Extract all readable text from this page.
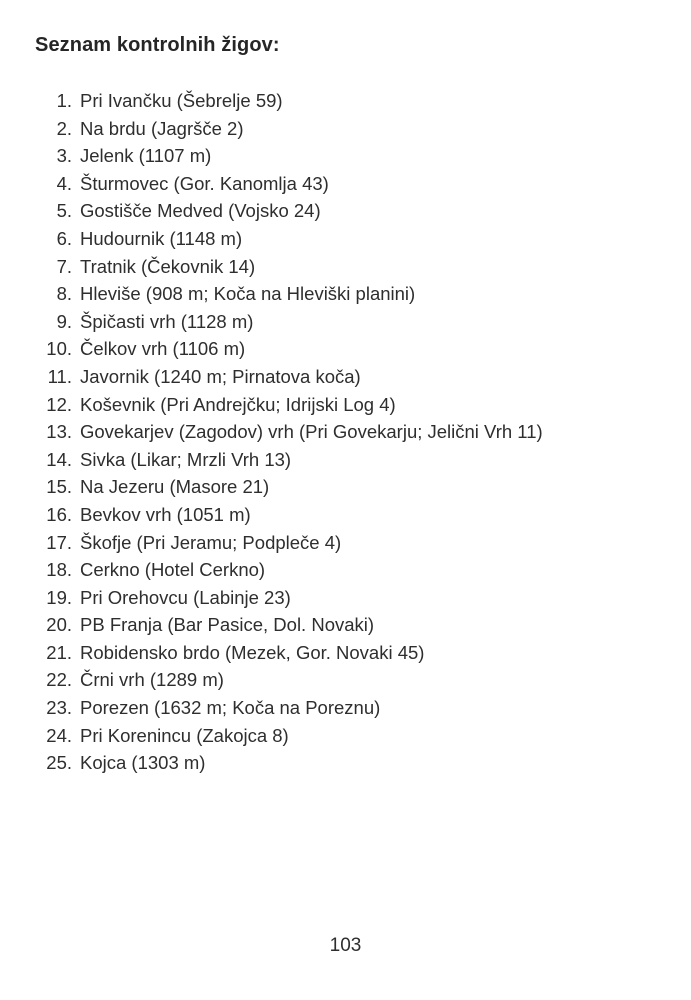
Seznam kontrolnih žigov:
1. Pri Ivančku (Šebrelje 59)
2. Na brdu (Jagršče 2)
3. Jelenk (1107 m)
4. Šturmovec (Gor. Kanomlja 43)
5. Gostišče Medved (Vojsko 24)
6. Hudournik (1148 m)
7. Tratnik (Čekovnik 14)
8. Hleviše (908 m; Koča na Hleviški planini)
9. Špičasti vrh (1128 m)
10. Čelkov vrh (1106 m)
11. Javornik (1240 m; Pirnatova koča)
12. Koševnik (Pri Andrejčku; Idrijski Log 4)
13. Govekarjev (Zagodov) vrh (Pri Govekarju; Jelični Vrh 11)
14. Sivka (Likar; Mrzli Vrh 13)
15. Na Jezeru (Masore 21)
16. Bevkov vrh (1051 m)
17. Škofje (Pri Jeramu; Podpleče 4)
18. Cerkno (Hotel Cerkno)
19. Pri Orehovcu (Labinje 23)
20. PB Franja (Bar Pasice, Dol. Novaki)
21. Robidensko brdo (Mezek, Gor. Novaki 45)
22. Črni vrh (1289 m)
23. Porezen (1632 m; Koča na Poreznu)
24. Pri Korenincu (Zakojca 8)
25. Kojca (1303 m)
103
